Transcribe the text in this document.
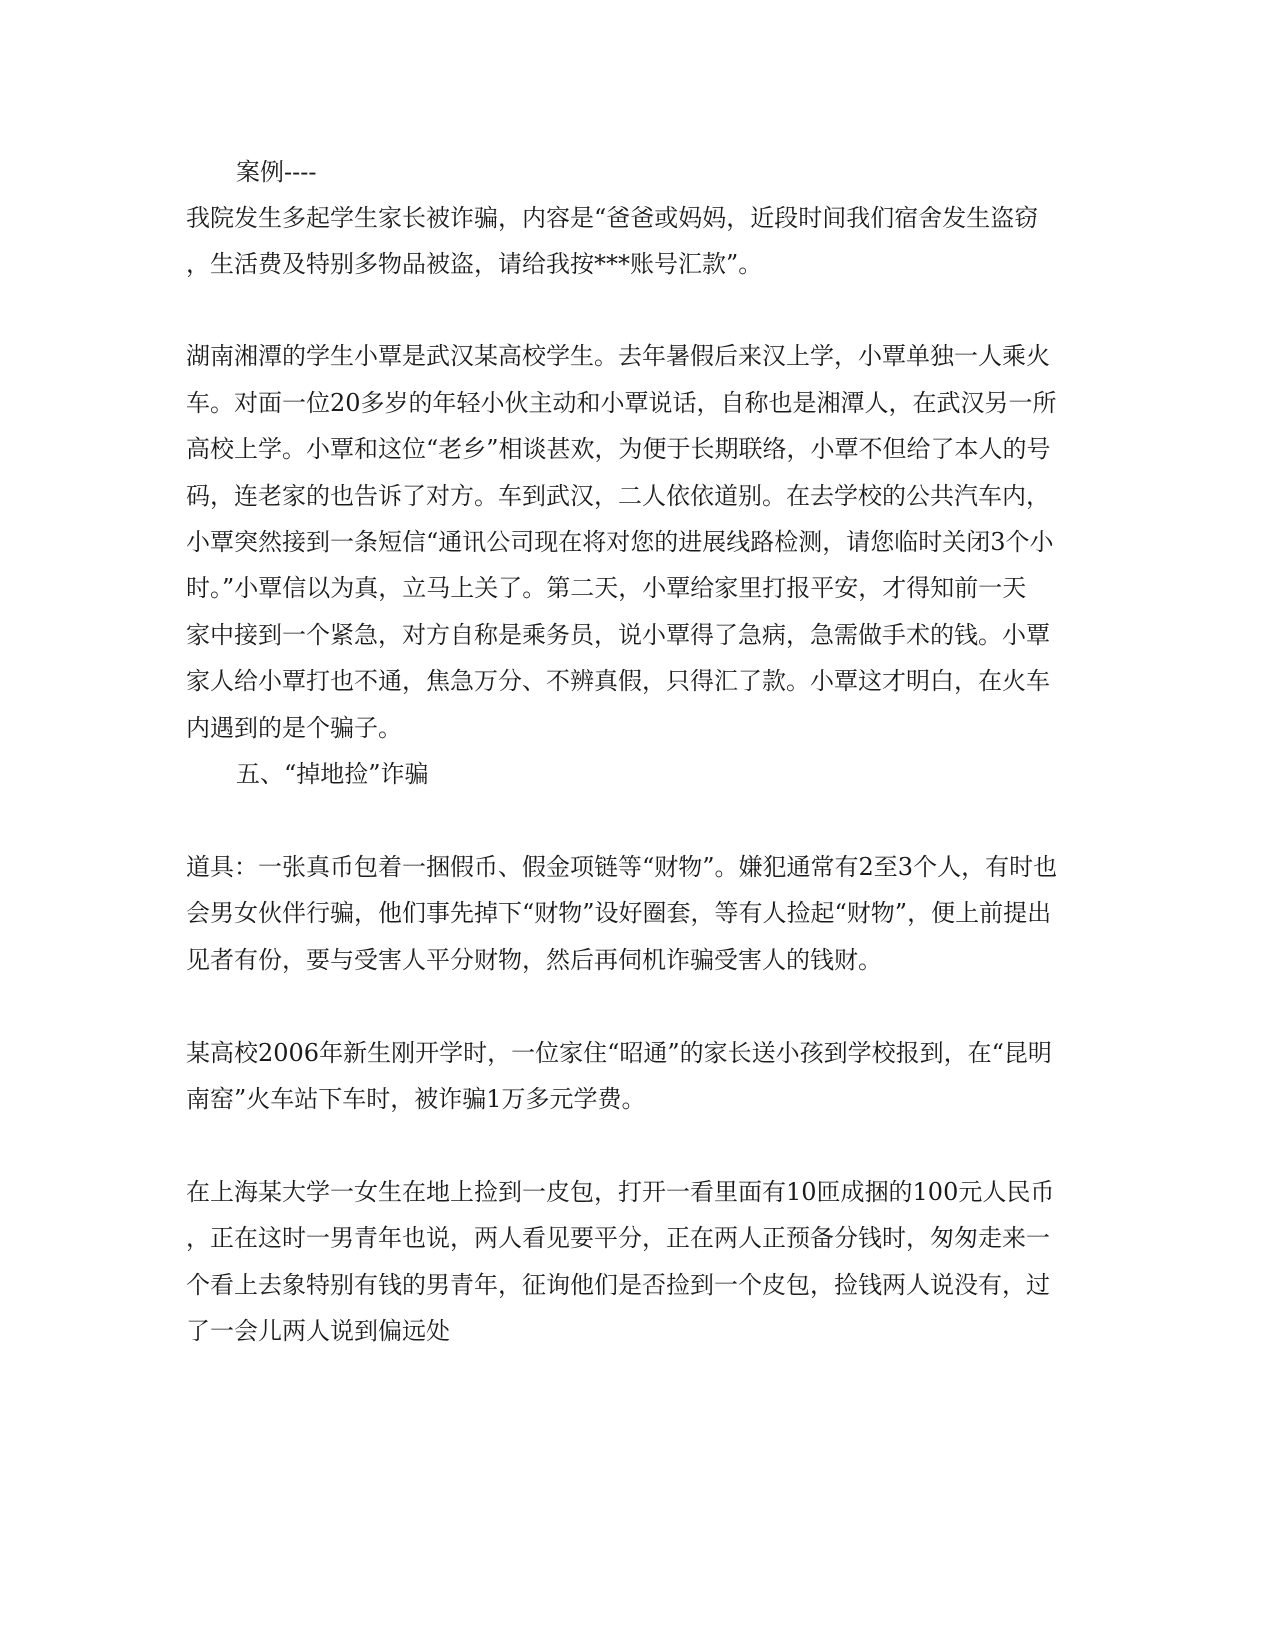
案例----
我院发生多起学生家长被诈骗，内容是“爸爸或妈妈，近段时间我们宿舍发生盗窃
，生活费及特别多物品被盗，请给我按***账号汇款”。
湖南湘潭的学生小覃是武汉某高校学生。去年暑假后来汉上学，小覃单独一人乘火
车。对面一位20多岁的年轻小伙主动和小覃说话，自称也是湘潭人，在武汉另一所
高校上学。小覃和这位“老乡”相谈甚欢，为便于长期联络，小覃不但给了本人的号
码，连老家的也告诉了对方。车到武汉，二人依依道别。在去学校的公共汽车内，
小覃突然接到一条短信“通讯公司现在将对您的进展线路检测，请您临时关闭3个小
时。”小覃信以为真，立马上关了。第二天，小覃给家里打报平安，才得知前一天
家中接到一个紧急，对方自称是乘务员，说小覃得了急病，急需做手术的钱。小覃
家人给小覃打也不通，焦急万分、不辨真假，只得汇了款。小覃这才明白，在火车
内遇到的是个骗子。
五、“掉地捡”诈骗
道具：一张真币包着一捆假币、假金项链等“财物”。嫌犯通常有2至3个人，有时也
会男女伙伴行骗，他们事先掉下“财物”设好圈套，等有人捡起“财物”，便上前提出
见者有份，要与受害人平分财物，然后再伺机诈骗受害人的钱财。
某高校2006年新生刚开学时，一位家住“昭通”的家长送小孩到学校报到，在“昆明
南窑”火车站下车时，被诈骗1万多元学费。
在上海某大学一女生在地上捡到一皮包，打开一看里面有10匝成捆的100元人民币
，正在这时一男青年也说，两人看见要平分，正在两人正预备分钱时，匆匆走来一
个看上去象特别有钱的男青年，征询他们是否捡到一个皮包，捡钱两人说没有，过
了一会儿两人说到偏远处
